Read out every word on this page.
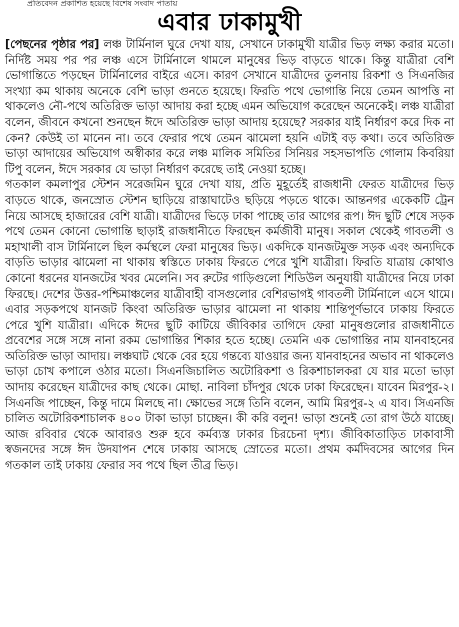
প্রতিবেদন প্রকাশিত হয়েছে বিশেষ সংবাদ পাতায়
এবার ঢাকামুখী

[পেছনের পৃষ্ঠার পর] লঞ্চ টার্মিনাল ঘুরে দেখা যায়, সেখানে ঢাকামুখী যাত্রীর ভিড় লক্ষ্য করার মতো। নির্দিষ্ট সময় পর পর লঞ্চ এসে টার্মিনালে থামলে মানুষের ভিড় বাড়তে থাকে। কিন্তু যাত্রীরা বেশি ভোগান্তিতে পড়ছেন টার্মিনালের বাইরে এসে। কারণ সেখানে যাত্রীদের তুলনায় রিকশা ও সিএনজির সংখ্যা কম থাকায় অনেকে বেশি ভাড়া গুনতে হয়েছে। ফিরতি পথে ভোগান্তি নিয়ে তেমন আপত্তি না থাকলেও নৌ-পথে অতিরিক্ত ভাড়া আদায় করা হচ্ছে এমন অভিযোগ করেছেন অনেকেই। লঞ্চ যাত্রীরা বলেন, জীবনে কখনো শুনছেন ঈদে অতিরিক্ত ভাড়া আদায় হয়েছে? সরকার যাই নির্ধারণ করে দিক না কেন? কেউই তা মানেন না। তবে ফেরার পথে তেমন ঝামেলা হয়নি এটাই বড় কথা। তবে অতিরিক্ত ভাড়া আদায়ের অভিযোগ অস্বীকার করে লঞ্চ মালিক সমিতির সিনিয়র সহসভাপতি গোলাম কিবরিয়া টিপু বলেন, ঈদে সরকার যে ভাড়া নির্ধারণ করেছে তাই নেওয়া হচ্ছে।

গতকাল কমলাপুর স্টেশন সরেজমিন ঘুরে দেখা যায়, প্রতি মুহূর্তেই রাজধানী ফেরত যাত্রীদের ভিড় বাড়তে থাকে, জনস্রোত স্টেশন ছাড়িয়ে রাস্তাঘাটেও ছড়িয়ে পড়তে থাকে। আন্তনগর একেকটি ট্রেন নিয়ে আসছে হাজারের বেশি যাত্রী। যাত্রীদের ভিড়ে ঢাকা পাচ্ছে তার আগের রূপ। ঈদ ছুটি শেষে সড়ক পথে তেমন কোনো ভোগান্তি ছাড়াই রাজধানীতে ফিরছেন কর্মজীবী মানুষ। সকাল থেকেই গাবতলী ও মহাখালী বাস টার্মিনালে ছিল কর্মস্থলে ফেরা মানুষের ভিড়। একদিকে যানজটমুক্ত সড়ক এবং অন্যদিকে বাড়তি ভাড়ার ঝামেলা না থাকায় স্বস্তিতে ঢাকায় ফিরতে পেরে খুশি যাত্রীরা। ফিরতি যাত্রায় কোথাও কোনো ধরনের যানজটের খবর মেলেনি। সব রুটের গাড়িগুলো শিডিউল অনুযায়ী যাত্রীদের নিয়ে ঢাকা ফিরছে। দেশের উত্তর-পশ্চিমাঞ্চলের যাত্রীবাহী বাসগুলোর বেশিরভাগই গাবতলী টার্মিনালে এসে থামে। এবার সড়কপথে যানজট কিংবা অতিরিক্ত ভাড়ার ঝামেলা না থাকায় শান্তিপূর্ণভাবে ঢাকায় ফিরতে পেরে খুশি যাত্রীরা। এদিকে ঈদের ছুটি কাটিয়ে জীবিকার তাগিদে ফেরা মানুষগুলোর রাজধানীতে প্রবেশের সঙ্গে সঙ্গে নানা রকম ভোগান্তির শিকার হতে হচ্ছে। তেমনি এক ভোগান্তির নাম যানবাহনের অতিরিক্ত ভাড়া আদায়। লঞ্চঘাট থেকে বের হয়ে গন্তব্যে যাওয়ার জন্য যানবাহনের অভাব না থাকলেও ভাড়া চোখ কপালে ওঠার মতো। সিএনজিচালিত অটোরিকশা ও রিকশাচালকরা যে যার মতো ভাড়া আদায় করেছেন যাত্রীদের কাছ থেকে। মোছা. নাবিলা চাঁদপুর থেকে ঢাকা ফিরেছেন। যাবেন মিরপুর-২। সিএনজি পাচ্ছেন, কিন্তু দামে মিলছে না। ক্ষোভের সঙ্গে তিনি বলেন, আমি মিরপুর-২ এ যাব। সিএনজি চালিত অটোরিকশাচালক ৪০০ টাকা ভাড়া চাচ্ছেন। কী করি বলুন! ভাড়া শুনেই তো রাগ উঠে যাচ্ছে। আজ রবিবার থেকে আবারও শুরু হবে কর্মব্যস্ত ঢাকার চিরচেনা দৃশ্য। জীবিকাতাড়িত ঢাকাবাসী স্বজনদের সঙ্গে ঈদ উদযাপন শেষে ঢাকায় আসছে স্রোতের মতো। প্রথম কর্মদিবসের আগের দিন গতকাল তাই ঢাকায় ফেরার সব পথে ছিল তীব্র ভিড়।
